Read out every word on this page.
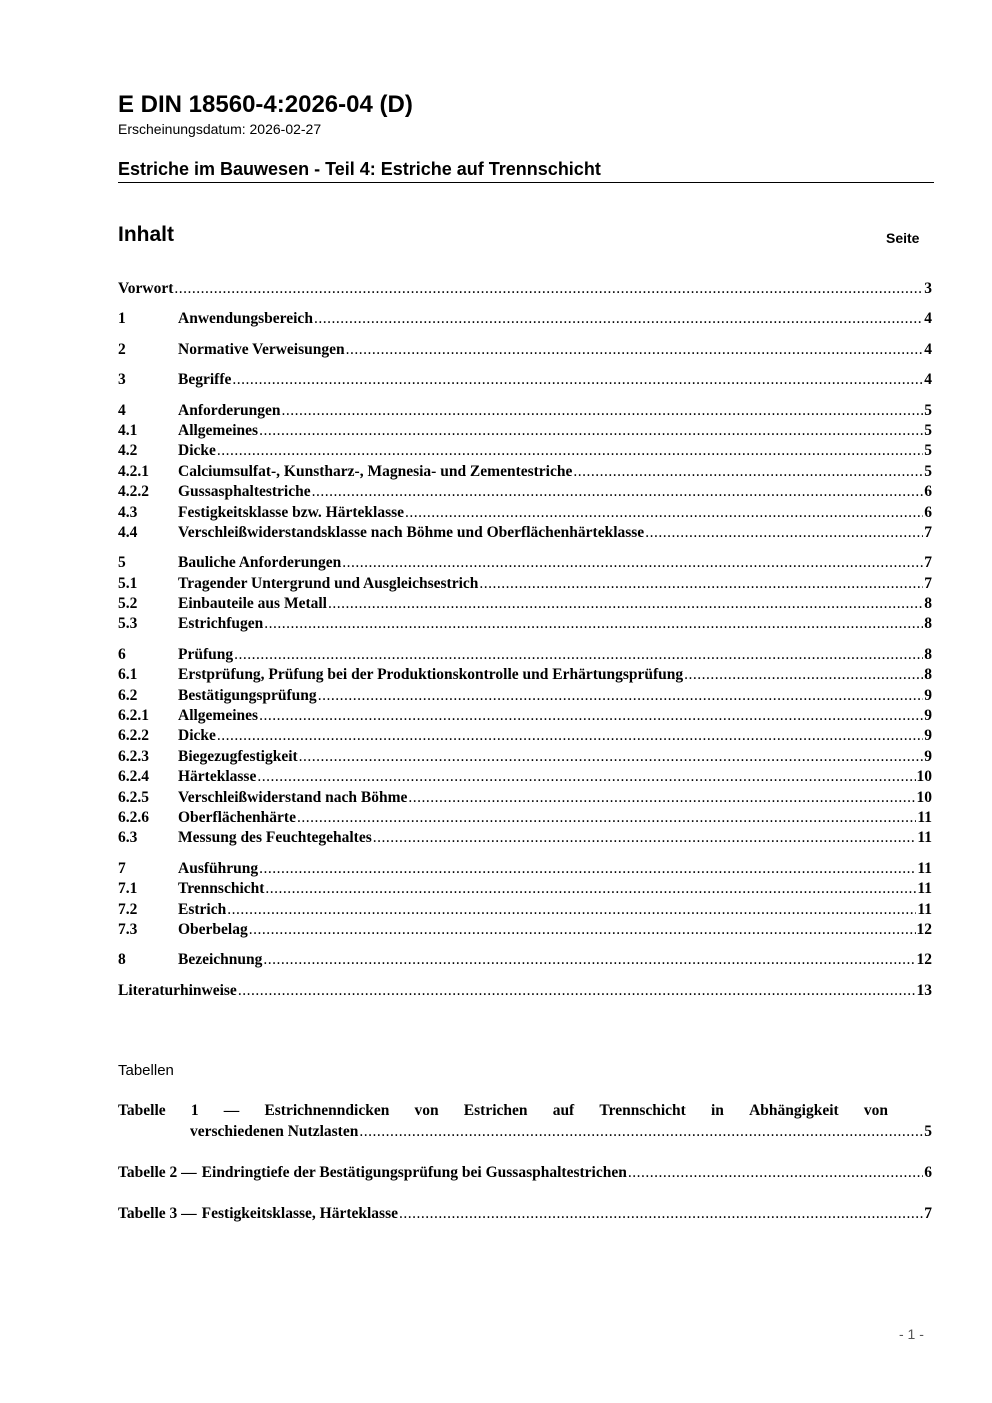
E DIN 18560-4:2026-04 (D)
Erscheinungsdatum: 2026-02-27
Estriche im Bauwesen - Teil 4: Estriche auf Trennschicht
Inhalt	Seite
Vorwort .....	3
1	Anwendungsbereich .....	4
2	Normative Verweisungen .....	4
3	Begriffe .....	4
4	Anforderungen .....	5
4.1	Allgemeines .....	5
4.2	Dicke .....	5
4.2.1	Calciumsulfat-, Kunstharz-, Magnesia- und Zementestriche .....	5
4.2.2	Gussasphaltestriche .....	6
4.3	Festigkeitsklasse bzw. Härteklasse .....	6
4.4	Verschleißwiderstandsklasse nach Böhme und Oberflächenhärteklasse .....	7
5	Bauliche Anforderungen .....	7
5.1	Tragender Untergrund und Ausgleichsestrich .....	7
5.2	Einbauteile aus Metall .....	8
5.3	Estrichfugen .....	8
6	Prüfung .....	8
6.1	Erstprüfung, Prüfung bei der Produktionskontrolle und Erhärtungsprüfung .....	8
6.2	Bestätigungsprüfung .....	9
6.2.1	Allgemeines .....	9
6.2.2	Dicke .....	9
6.2.3	Biegezugfestigkeit .....	9
6.2.4	Härteklasse .....	10
6.2.5	Verschleißwiderstand nach Böhme .....	10
6.2.6	Oberflächenhärte .....	11
6.3	Messung des Feuchtegehaltes .....	11
7	Ausführung .....	11
7.1	Trennschicht .....	11
7.2	Estrich .....	11
7.3	Oberbelag .....	12
8	Bezeichnung .....	12
Literaturhinweise .....	13
Tabellen
Tabelle 1 — Estrichnenndicken von Estrichen auf Trennschicht in Abhängigkeit von
verschiedenen Nutzlasten .....	5
Tabelle 2 — Eindringtiefe der Bestätigungsprüfung bei Gussasphaltestrichen .....	6
Tabelle 3 — Festigkeitsklasse, Härteklasse .....	7
- 1 -
